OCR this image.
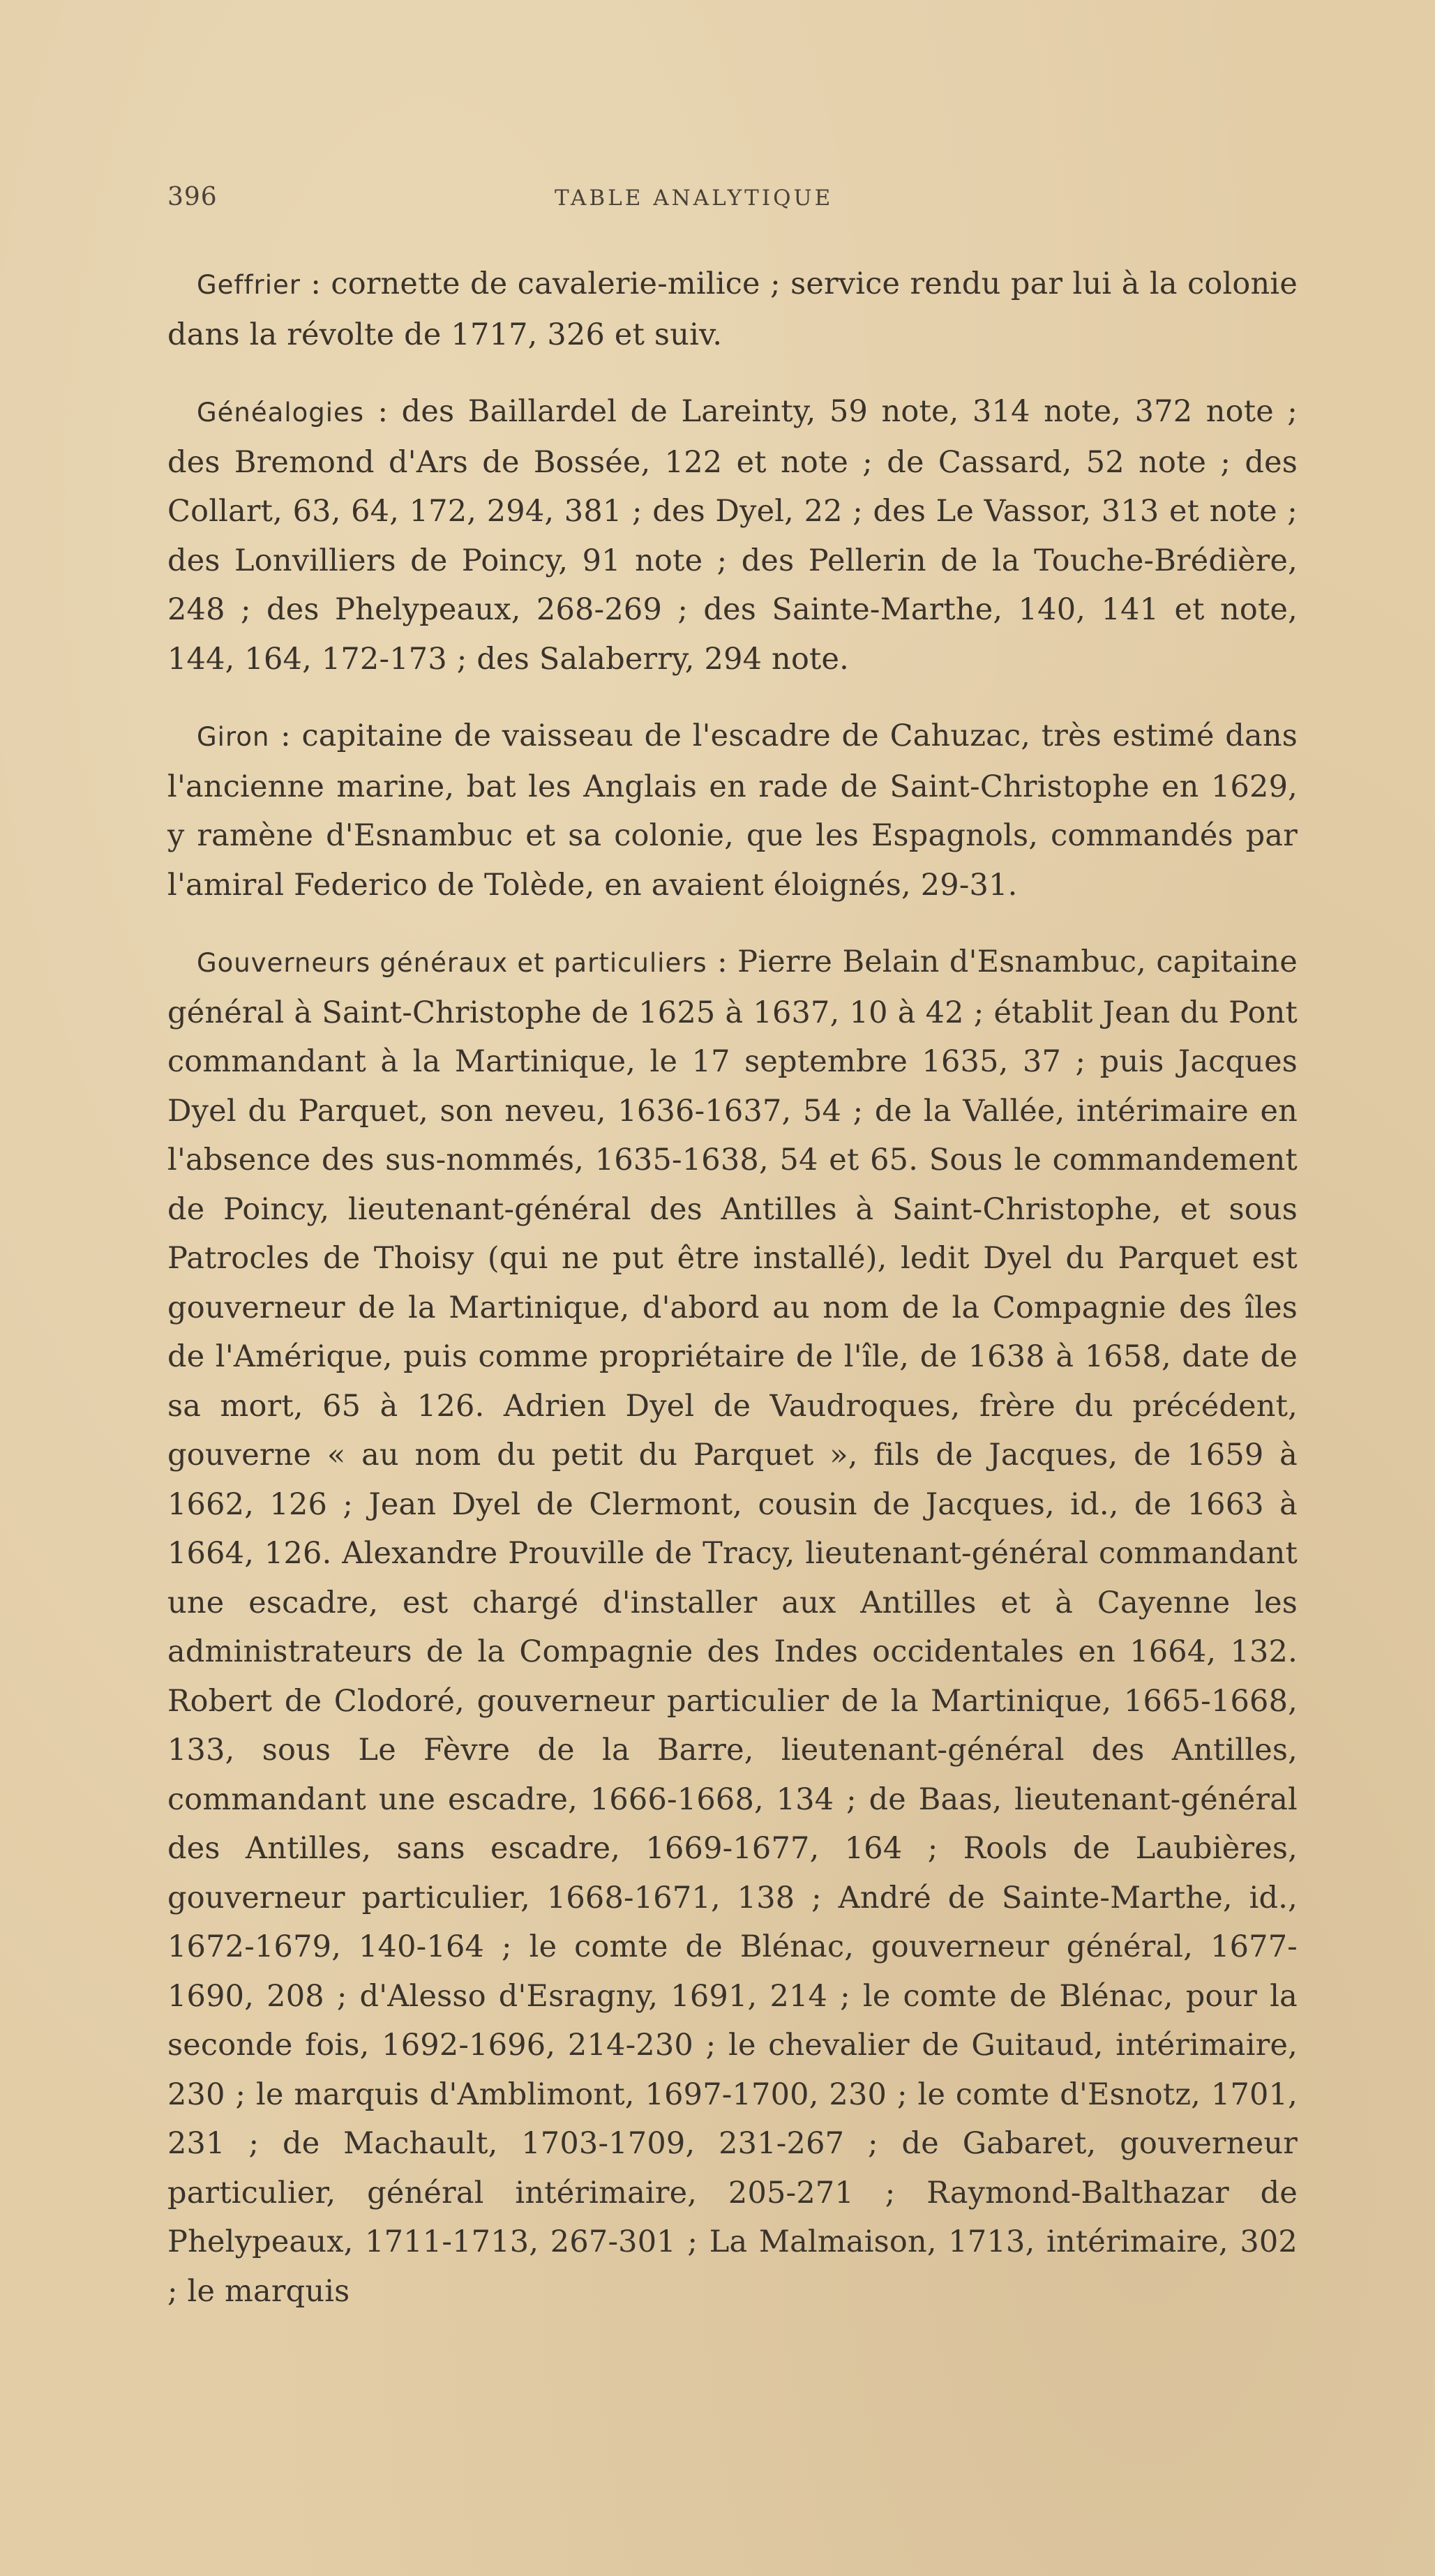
396	TABLE ANALYTIQUE

Geffrier : cornette de cavalerie-milice ; service rendu par lui à la colonie dans la révolte de 1717, 326 et suiv.

Généalogies : des Baillardel de Lareinty, 59 note, 314 note, 372 note ; des Bremond d'Ars de Bossée, 122 et note ; de Cassard, 52 note ; des Collart, 63, 64, 172, 294, 381 ; des Dyel, 22 ; des Le Vassor, 313 et note ; des Lonvilliers de Poincy, 91 note ; des Pellerin de la Touche-Brédière, 248 ; des Phelypeaux, 268-269 ; des Sainte-Marthe, 140, 141 et note, 144, 164, 172-173 ; des Salaberry, 294 note.

Giron : capitaine de vaisseau de l'escadre de Cahuzac, très estimé dans l'ancienne marine, bat les Anglais en rade de Saint-Christophe en 1629, y ramène d'Esnambuc et sa colonie, que les Espagnols, commandés par l'amiral Federico de Tolède, en avaient éloignés, 29-31.

Gouverneurs généraux et particuliers : Pierre Belain d'Esnambuc, capitaine général à Saint-Christophe de 1625 à 1637, 10 à 42 ; établit Jean du Pont commandant à la Martinique, le 17 septembre 1635, 37 ; puis Jacques Dyel du Parquet, son neveu, 1636-1637, 54 ; de la Vallée, intérimaire en l'absence des sus-nommés, 1635-1638, 54 et 65. Sous le commandement de Poincy, lieutenant-général des Antilles à Saint-Christophe, et sous Patrocles de Thoisy (qui ne put être installé), ledit Dyel du Parquet est gouverneur de la Martinique, d'abord au nom de la Compagnie des îles de l'Amérique, puis comme propriétaire de l'île, de 1638 à 1658, date de sa mort, 65 à 126. Adrien Dyel de Vaudroques, frère du précédent, gouverne « au nom du petit du Parquet », fils de Jacques, de 1659 à 1662, 126 ; Jean Dyel de Clermont, cousin de Jacques, id., de 1663 à 1664, 126. Alexandre Prouville de Tracy, lieutenant-général commandant une escadre, est chargé d'installer aux Antilles et à Cayenne les administrateurs de la Compagnie des Indes occidentales en 1664, 132. Robert de Clodoré, gouverneur particulier de la Martinique, 1665-1668, 133, sous Le Fèvre de la Barre, lieutenant-général des Antilles, commandant une escadre, 1666-1668, 134 ; de Baas, lieutenant-général des Antilles, sans escadre, 1669-1677, 164 ; Rools de Laubières, gouverneur particulier, 1668-1671, 138 ; André de Sainte-Marthe, id., 1672-1679, 140-164 ; le comte de Blénac, gouverneur général, 1677-1690, 208 ; d'Alesso d'Esragny, 1691, 214 ; le comte de Blénac, pour la seconde fois, 1692-1696, 214-230 ; le chevalier de Guitaud, intérimaire, 230 ; le marquis d'Amblimont, 1697-1700, 230 ; le comte d'Esnotz, 1701, 231 ; de Machault, 1703-1709, 231-267 ; de Gabaret, gouverneur particulier, général intérimaire, 205-271 ; Raymond-Balthazar de Phelypeaux, 1711-1713, 267-301 ; La Malmaison, 1713, intérimaire, 302 ; le marquis
